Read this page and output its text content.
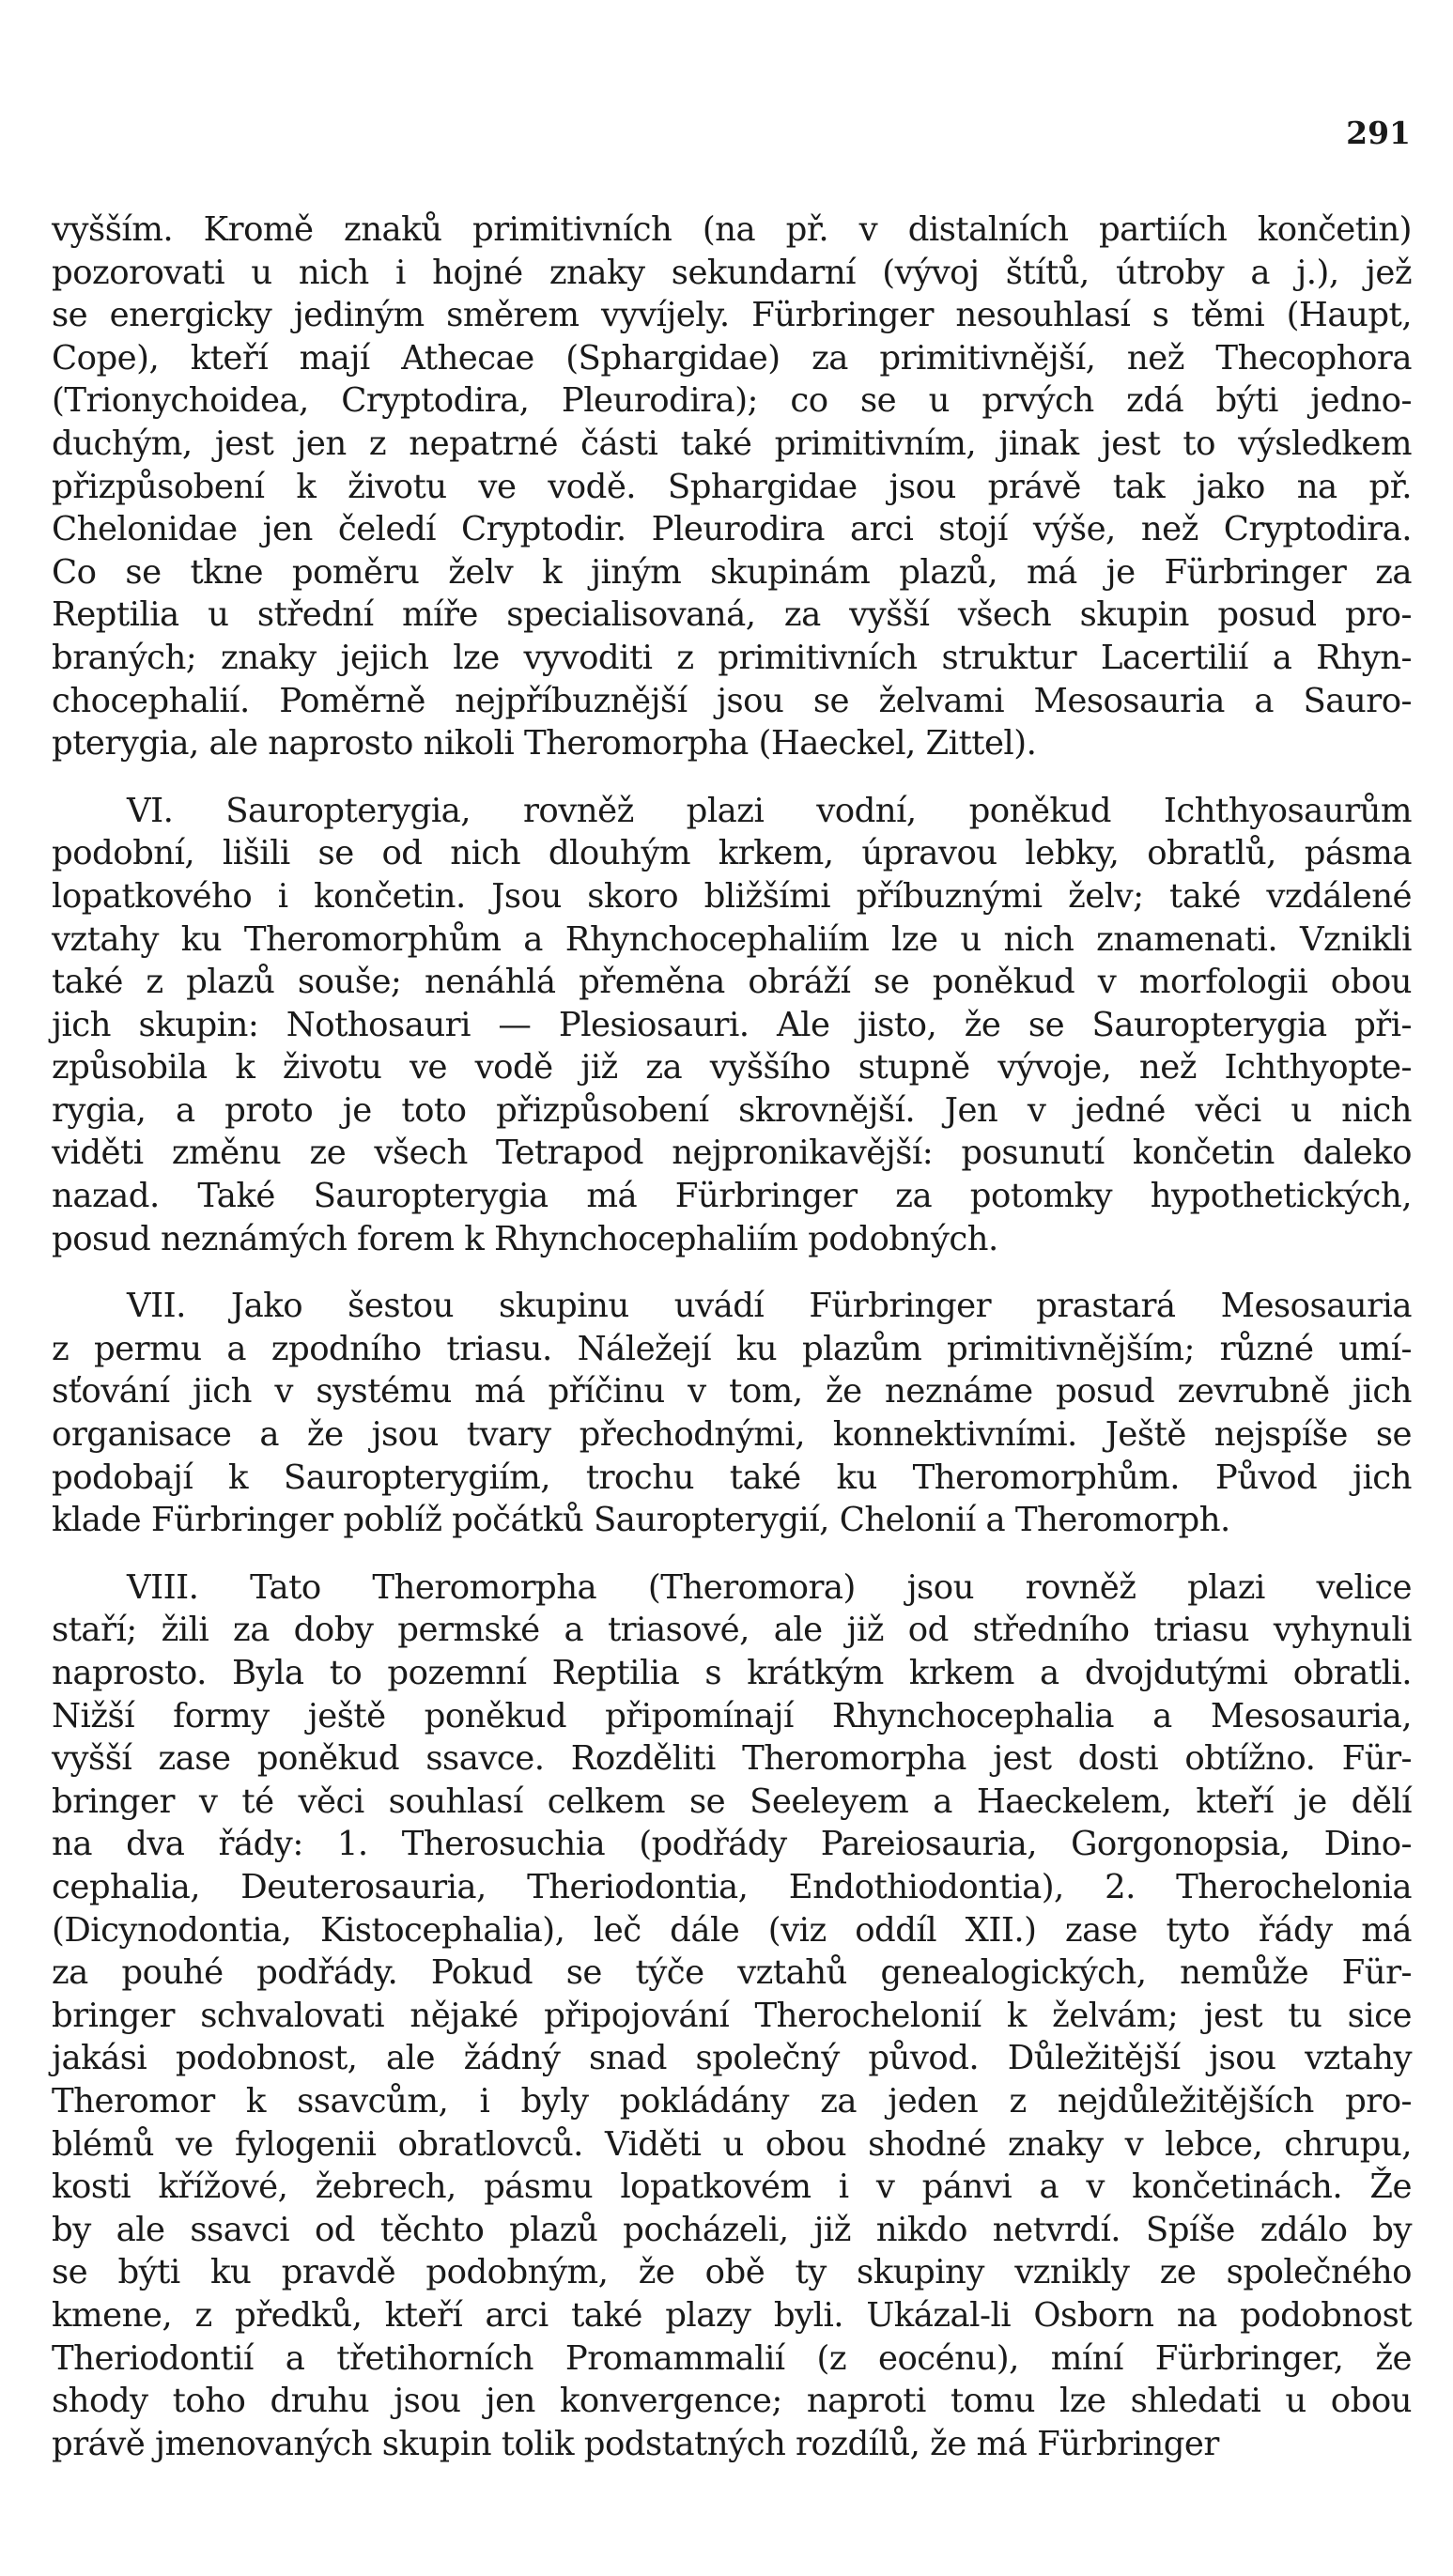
291
vyšším. Kromě znaků primitivních (na př. v distalních partiích končetin)
pozorovati u nich i hojné znaky sekundarní (vývoj štítů, útroby a j.), jež
se energicky jediným směrem vyvíjely. Fürbringer nesouhlasí s těmi (Haupt,
Cope), kteří mají Athecae (Sphargidae) za primitivnější, než Thecophora
(Trionychoidea, Cryptodira, Pleurodira); co se u prvých zdá býti jedno-
duchým, jest jen z nepatrné části také primitivním, jinak jest to výsledkem
přizpůsobení k životu ve vodě. Sphargidae jsou právě tak jako na př.
Chelonidae jen čeledí Cryptodir. Pleurodira arci stojí výše, než Cryptodira.
Co se tkne poměru želv k jiným skupinám plazů, má je Fürbringer za
Reptilia u střední míře specialisovaná, za vyšší všech skupin posud pro-
braných; znaky jejich lze vyvoditi z primitivních struktur Lacertilií a Rhyn-
chocephalií. Poměrně nejpříbuznější jsou se želvami Mesosauria a Sauro-
pterygia, ale naprosto nikoli Theromorpha (Haeckel, Zittel).
VI. Sauropterygia, rovněž plazi vodní, poněkud Ichthyosaurům
podobní, lišili se od nich dlouhým krkem, úpravou lebky, obratlů, pásma
lopatkového i končetin. Jsou skoro bližšími příbuznými želv; také vzdálené
vztahy ku Theromorphům a Rhynchocephaliím lze u nich znamenati. Vznikli
také z plazů souše; nenáhlá přeměna obráží se poněkud v morfologii obou
jich skupin: Nothosauri — Plesiosauri. Ale jisto, že se Sauropterygia při-
způsobila k životu ve vodě již za vyššího stupně vývoje, než Ichthyopte-
rygia, a proto je toto přizpůsobení skrovnější. Jen v jedné věci u nich
viděti změnu ze všech Tetrapod nejpronikavější: posunutí končetin daleko
nazad. Také Sauropterygia má Fürbringer za potomky hypothetických,
posud neznámých forem k Rhynchocephaliím podobných.
VII. Jako šestou skupinu uvádí Fürbringer prastará Mesosauria
z permu a zpodního triasu. Náležejí ku plazům primitivnějším; různé umí-
sťování jich v systému má příčinu v tom, že neznáme posud zevrubně jich
organisace a že jsou tvary přechodnými, konnektivními. Ještě nejspíše se
podobají k Sauropterygiím, trochu také ku Theromorphům. Původ jich
klade Fürbringer poblíž počátků Sauropterygií, Chelonií a Theromorph.
VIII. Tato Theromorpha (Theromora) jsou rovněž plazi velice
staří; žili za doby permské a triasové, ale již od středního triasu vyhynuli
naprosto. Byla to pozemní Reptilia s krátkým krkem a dvojdutými obratli.
Nižší formy ještě poněkud připomínají Rhynchocephalia a Mesosauria,
vyšší zase poněkud ssavce. Rozděliti Theromorpha jest dosti obtížno. Für-
bringer v té věci souhlasí celkem se Seeleyem a Haeckelem, kteří je dělí
na dva řády: 1. Therosuchia (podřády Pareiosauria, Gorgonopsia, Dino-
cephalia, Deuterosauria, Theriodontia, Endothiodontia), 2. Therochelonia
(Dicynodontia, Kistocephalia), leč dále (viz oddíl XII.) zase tyto řády má
za pouhé podřády. Pokud se týče vztahů genealogických, nemůže Für-
bringer schvalovati nějaké připojování Therochelonií k želvám; jest tu sice
jakási podobnost, ale žádný snad společný původ. Důležitější jsou vztahy
Theromor k ssavcům, i byly pokládány za jeden z nejdůležitějších pro-
blémů ve fylogenii obratlovců. Viděti u obou shodné znaky v lebce, chrupu,
kosti křížové, žebrech, pásmu lopatkovém i v pánvi a v končetinách. Že
by ale ssavci od těchto plazů pocházeli, již nikdo netvrdí. Spíše zdálo by
se býti ku pravdě podobným, že obě ty skupiny vznikly ze společného
kmene, z předků, kteří arci také plazy byli. Ukázal-li Osborn na podobnost
Theriodontií a třetihorních Promammalií (z eocénu), míní Fürbringer, že
shody toho druhu jsou jen konvergence; naproti tomu lze shledati u obou
právě jmenovaných skupin tolik podstatných rozdílů, že má Fürbringer
